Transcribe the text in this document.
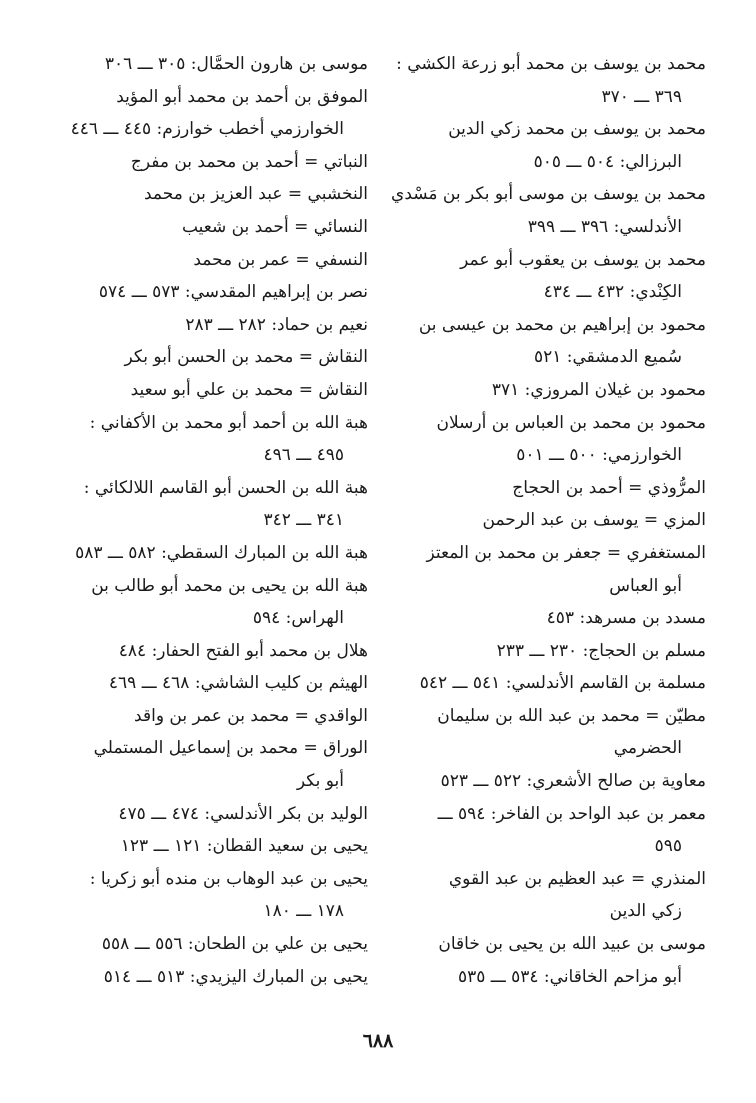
محمد بن يوسف بن محمد أبو زرعة الكشي :
٣٦٩ ـــ ٣٧٠

محمد بن يوسف بن محمد زكي الدين
البرزالي: ٥٠٤ ـــ ٥٠٥

محمد بن يوسف بن موسى أبو بكر بن مَسْدي
الأندلسي: ٣٩٦ ـــ ٣٩٩

محمد بن يوسف بن يعقوب أبو عمر
الكِنْدي: ٤٣٢ ـــ ٤٣٤

محمود بن إبراهيم بن محمد بن عيسى بن
سُميع الدمشقي: ٥٢١

محمود بن غيلان المروزي: ٣٧١

محمود بن محمد بن العباس بن أرسلان
الخوارزمي: ٥٠٠ ـــ ٥٠١

المرُّوذي = أحمد بن الحجاج

المزي = يوسف بن عبد الرحمن

المستغفري = جعفر بن محمد بن المعتز
أبو العباس

مسدد بن مسرهد: ٤٥٣

مسلم بن الحجاج: ٢٣٠ ـــ ٢٣٣

مسلمة بن القاسم الأندلسي: ٥٤١ ـــ ٥٤٢

مطيّن = محمد بن عبد الله بن سليمان
الحضرمي

معاوية بن صالح الأشعري: ٥٢٢ ـــ ٥٢٣

معمر بن عبد الواحد بن الفاخر: ٥٩٤ ـــ
٥٩٥

المنذري = عبد العظيم بن عبد القوي
زكي الدين

موسى بن عبيد الله بن يحيى بن خاقان
أبو مزاحم الخاقاني: ٥٣٤ ـــ ٥٣٥

موسى بن هارون الحمَّال: ٣٠٥ ـــ ٣٠٦

الموفق بن أحمد بن محمد أبو المؤيد
الخوارزمي أخطب خوارزم: ٤٤٥ ـــ ٤٤٦

النباتي = أحمد بن محمد بن مفرج

النخشبي = عبد العزيز بن محمد

النسائي = أحمد بن شعيب

النسفي = عمر بن محمد

نصر بن إبراهيم المقدسي: ٥٧٣ ـــ ٥٧٤

نعيم بن حماد: ٢٨٢ ـــ ٢٨٣

النقاش = محمد بن الحسن أبو بكر

النقاش = محمد بن علي أبو سعيد

هبة الله بن أحمد أبو محمد بن الأكفاني :
٤٩٥ ـــ ٤٩٦

هبة الله بن الحسن أبو القاسم اللالكائي :
٣٤١ ـــ ٣٤٢

هبة الله بن المبارك السقطي: ٥٨٢ ـــ ٥٨٣

هبة الله بن يحيى بن محمد أبو طالب بن
الهراس: ٥٩٤

هلال بن محمد أبو الفتح الحفار: ٤٨٤

الهيثم بن كليب الشاشي: ٤٦٨ ـــ ٤٦٩

الواقدي = محمد بن عمر بن واقد

الوراق = محمد بن إسماعيل المستملي
أبو بكر

الوليد بن بكر الأندلسي: ٤٧٤ ـــ ٤٧٥

يحيى بن سعيد القطان: ١٢١ ـــ ١٢٣

يحيى بن عبد الوهاب بن منده أبو زكريا :
١٧٨ ـــ ١٨٠

يحيى بن علي بن الطحان: ٥٥٦ ـــ ٥٥٨

يحيى بن المبارك اليزيدي: ٥١٣ ـــ ٥١٤

٦٨٨
